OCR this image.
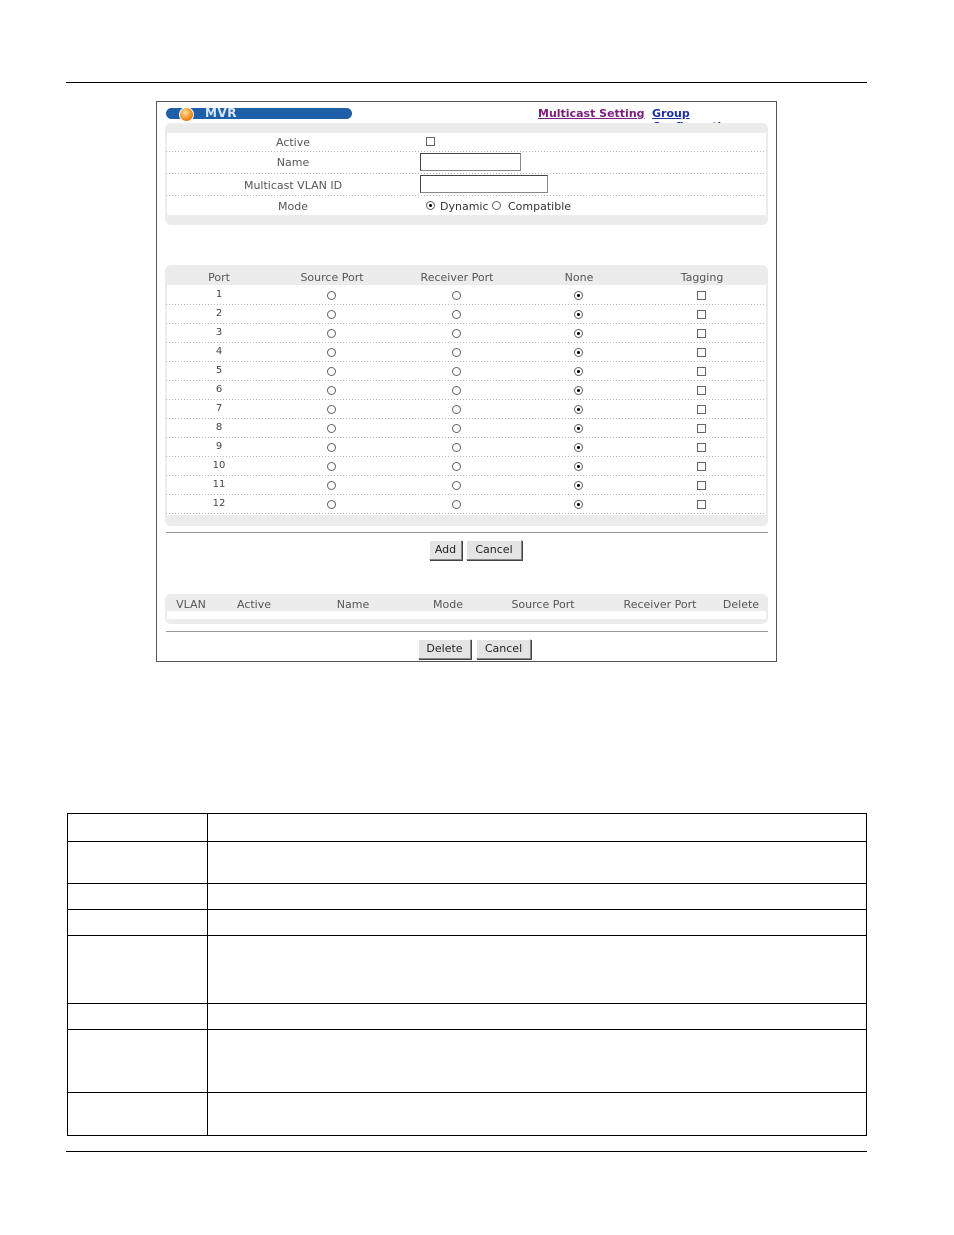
MVR	Multicast Setting Group
Active
Name
Multicast VLAN ID
Mode	Dynamic Compatible
Port	Source Port	Receiver Port	None	Tagging
1
2
3
4
5
6
7
8
9
10
11
12
Add	Cancel
VLAN	Active	Name	Mode	Source Port	Receiver Port	Delete
Delete	Cancel
